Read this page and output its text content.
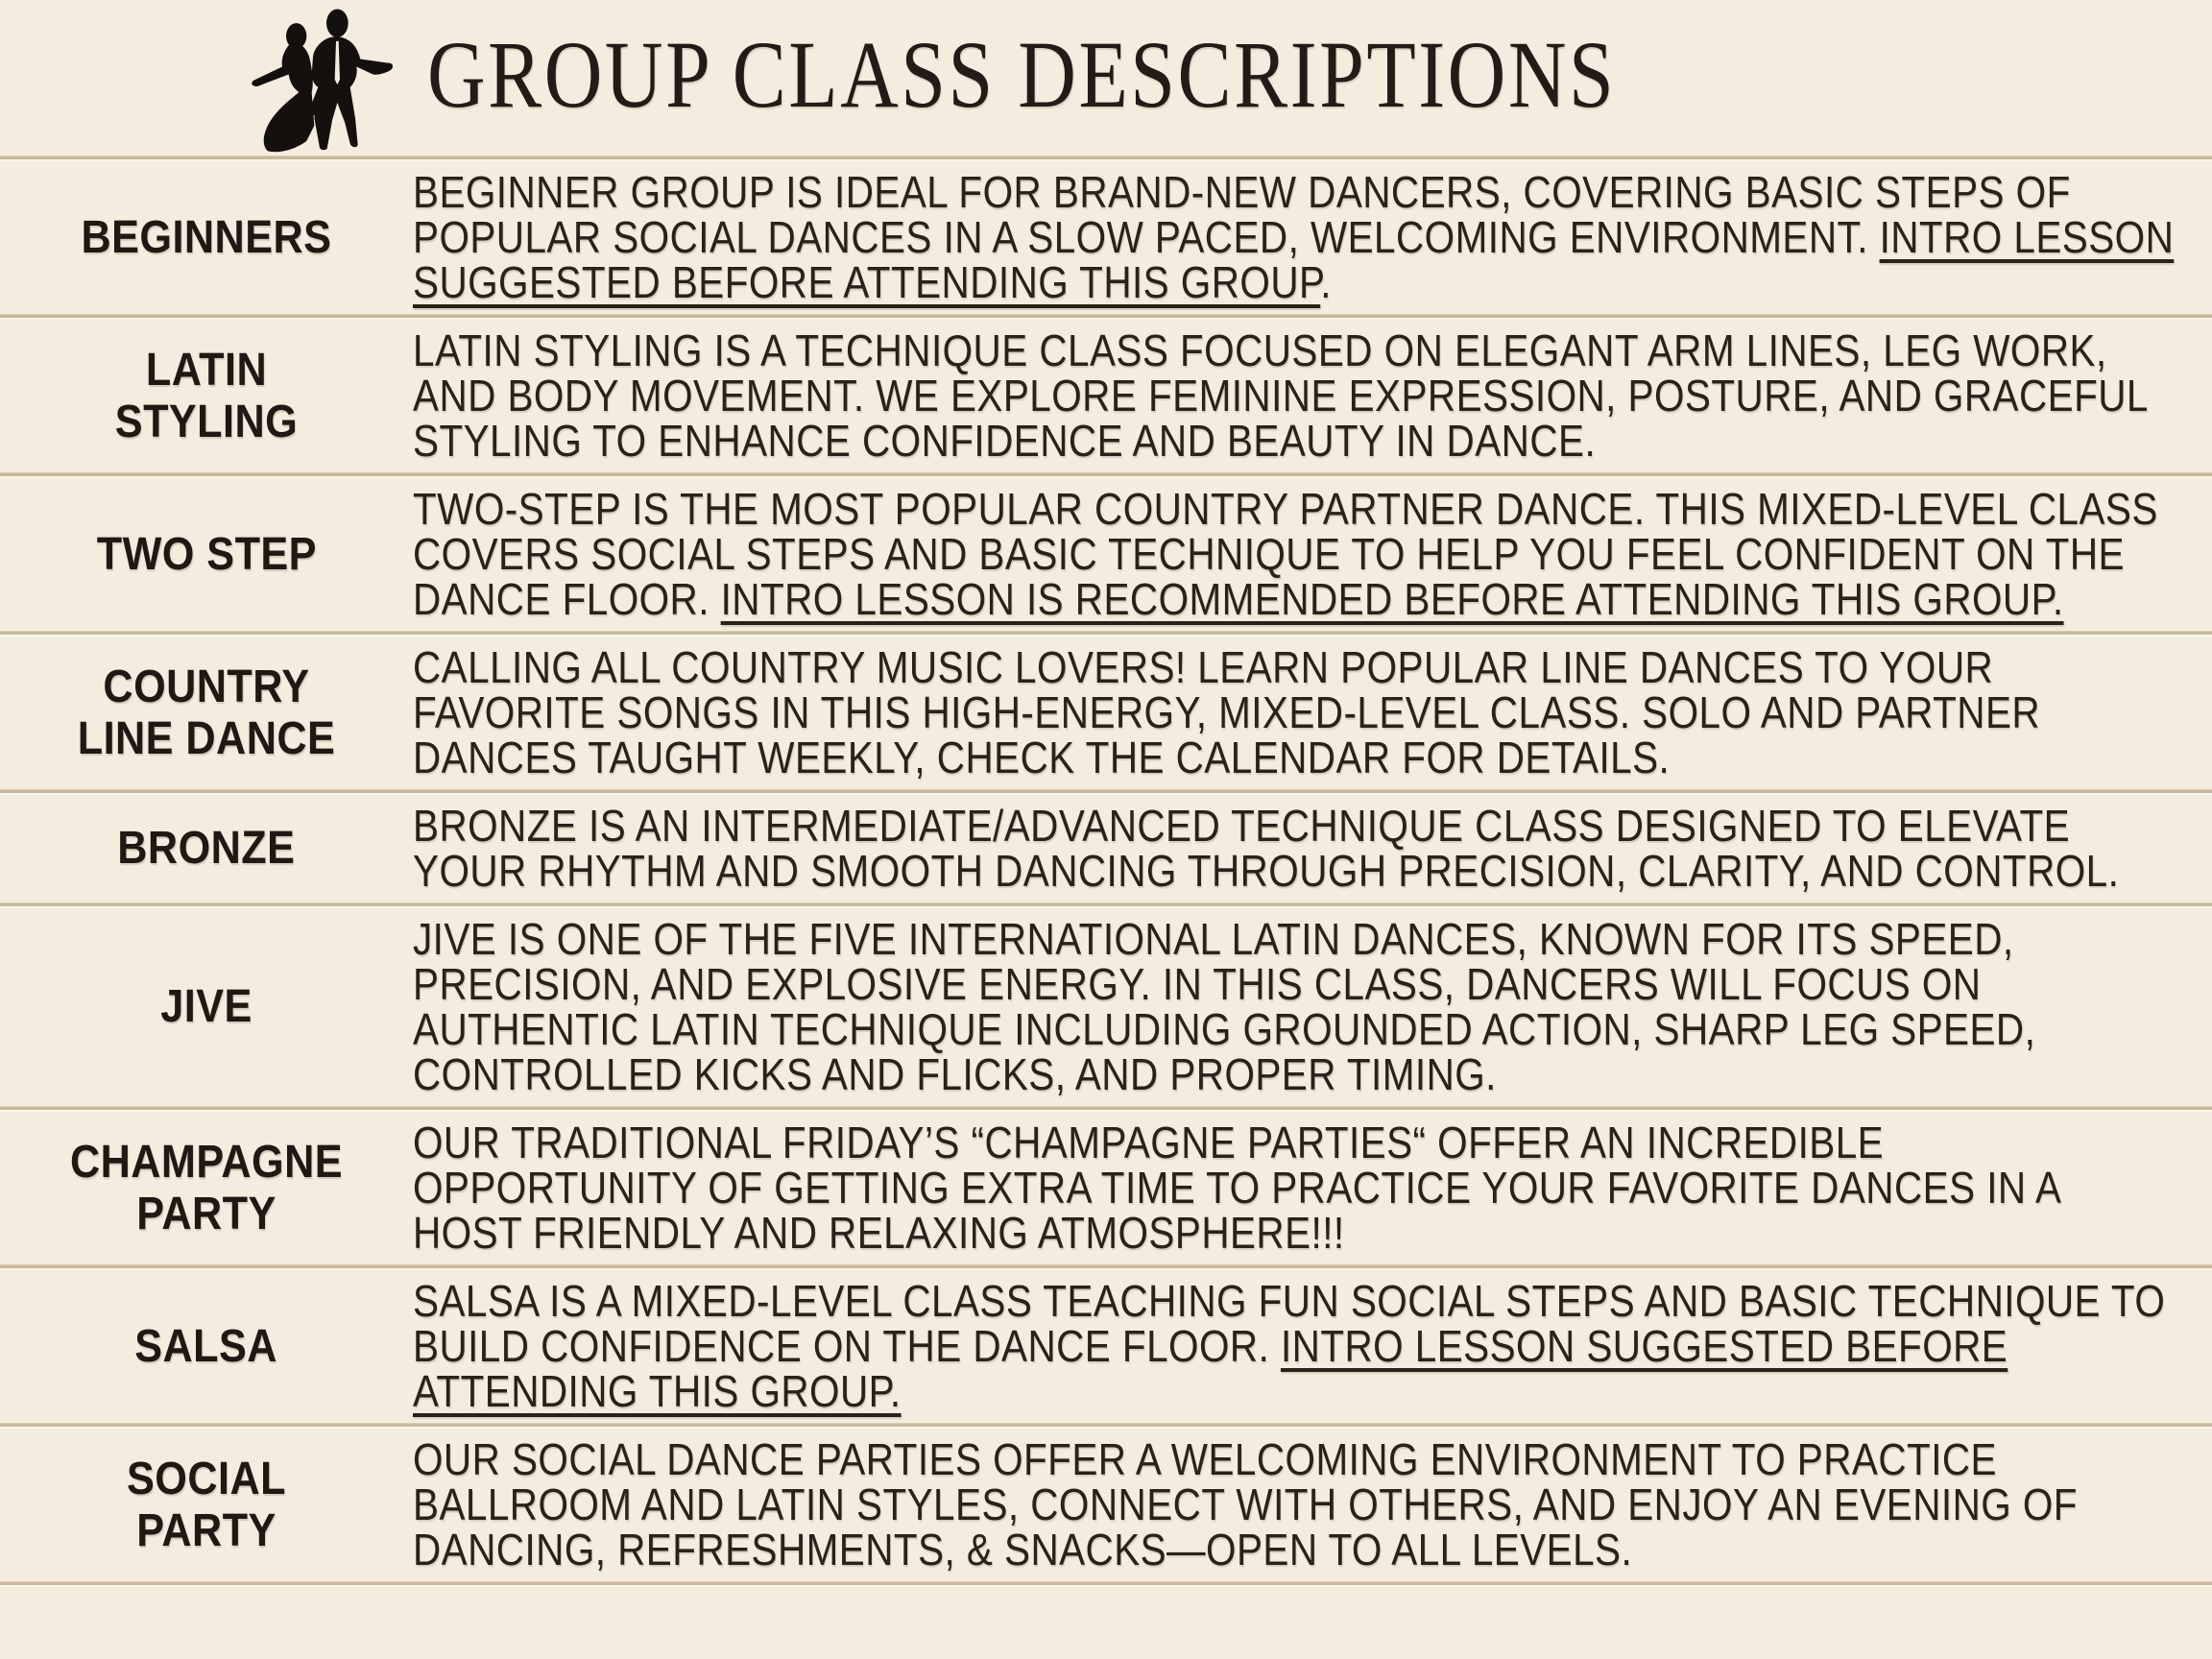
GROUP CLASS DESCRIPTIONS
BEGINNERS
BEGINNER GROUP IS IDEAL FOR BRAND-NEW DANCERS, COVERING BASIC STEPS OF POPULAR SOCIAL DANCES IN A SLOW PACED, WELCOMING ENVIRONMENT. INTRO LESSON SUGGESTED BEFORE ATTENDING THIS GROUP.
LATIN STYLING
LATIN STYLING IS A TECHNIQUE CLASS FOCUSED ON ELEGANT ARM LINES, LEG WORK, AND BODY MOVEMENT. WE EXPLORE FEMININE EXPRESSION, POSTURE, AND GRACEFUL STYLING TO ENHANCE CONFIDENCE AND BEAUTY IN DANCE.
TWO STEP
TWO-STEP IS THE MOST POPULAR COUNTRY PARTNER DANCE. THIS MIXED-LEVEL CLASS COVERS SOCIAL STEPS AND BASIC TECHNIQUE TO HELP YOU FEEL CONFIDENT ON THE DANCE FLOOR. INTRO LESSON IS RECOMMENDED BEFORE ATTENDING THIS GROUP.
COUNTRY LINE DANCE
CALLING ALL COUNTRY MUSIC LOVERS! LEARN POPULAR LINE DANCES TO YOUR FAVORITE SONGS IN THIS HIGH-ENERGY, MIXED-LEVEL CLASS. SOLO AND PARTNER DANCES TAUGHT WEEKLY, CHECK THE CALENDAR FOR DETAILS.
BRONZE	BRONZE IS AN INTERMEDIATE/ADVANCED TECHNIQUE CLASS DESIGNED TO ELEVATE YOUR RHYTHM AND SMOOTH DANCING THROUGH PRECISION, CLARITY, AND CONTROL.
JIVE
JIVE IS ONE OF THE FIVE INTERNATIONAL LATIN DANCES, KNOWN FOR ITS SPEED, PRECISION, AND EXPLOSIVE ENERGY. IN THIS CLASS, DANCERS WILL FOCUS ON AUTHENTIC LATIN TECHNIQUE INCLUDING GROUNDED ACTION, SHARP LEG SPEED, CONTROLLED KICKS AND FLICKS, AND PROPER TIMING.
CHAMPAGNE PARTY
OUR TRADITIONAL FRIDAY’S “CHAMPAGNE PARTIES“ OFFER AN INCREDIBLE OPPORTUNITY OF GETTING EXTRA TIME TO PRACTICE YOUR FAVORITE DANCES IN A HOST FRIENDLY AND RELAXING ATMOSPHERE!!!
SALSA
SALSA IS A MIXED-LEVEL CLASS TEACHING FUN SOCIAL STEPS AND BASIC TECHNIQUE TO BUILD CONFIDENCE ON THE DANCE FLOOR. INTRO LESSON SUGGESTED BEFORE ATTENDING THIS GROUP.
SOCIAL PARTY
OUR SOCIAL DANCE PARTIES OFFER A WELCOMING ENVIRONMENT TO PRACTICE BALLROOM AND LATIN STYLES, CONNECT WITH OTHERS, AND ENJOY AN EVENING OF DANCING, REFRESHMENTS, & SNACKS—OPEN TO ALL LEVELS.
